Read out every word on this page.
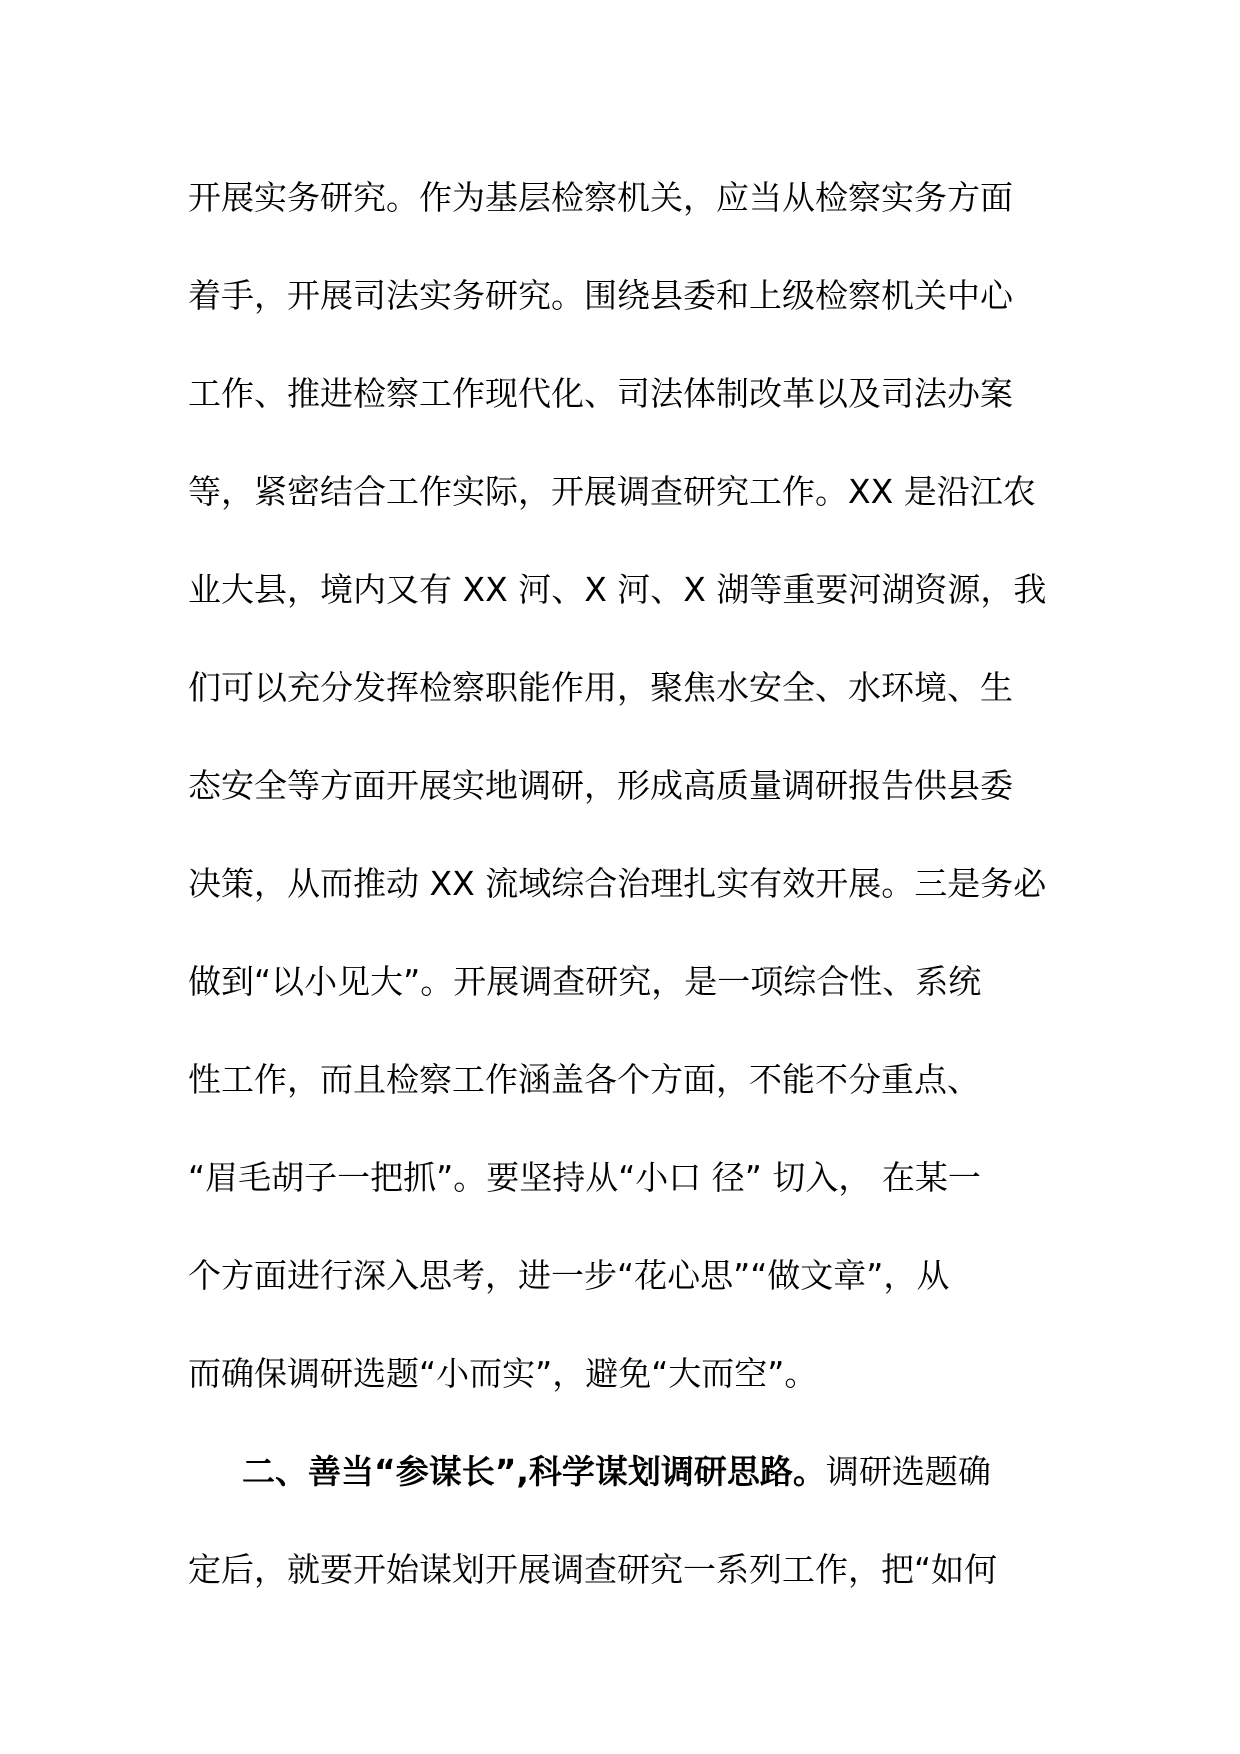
开展实务研究。作为基层检察机关，应当从检察实务方面
着手，开展司法实务研究。围绕县委和上级检察机关中心
工作、推进检察工作现代化、司法体制改革以及司法办案
等，紧密结合工作实际，开展调查研究工作。XX 是沿江农
业大县，境内又有 XX 河、X 河、X 湖等重要河湖资源，我
们可以充分发挥检察职能作用，聚焦水安全、水环境、生
态安全等方面开展实地调研，形成高质量调研报告供县委
决策，从而推动 XX 流域综合治理扎实有效开展。三是务必
做到“以小见大”。开展调查研究，是一项综合性、系统
性工作，而且检察工作涵盖各个方面，不能不分重点、
“眉毛胡子一把抓”。要坚持从“小口 径” 切入， 在某一
个方面进行深入思考，进一步“花心思”“做文章”，从
而确保调研选题“小而实”，避免“大而空”。
二、善当“参谋长”,科学谋划调研思路。调研选题确
定后，就要开始谋划开展调查研究一系列工作，把“如何
